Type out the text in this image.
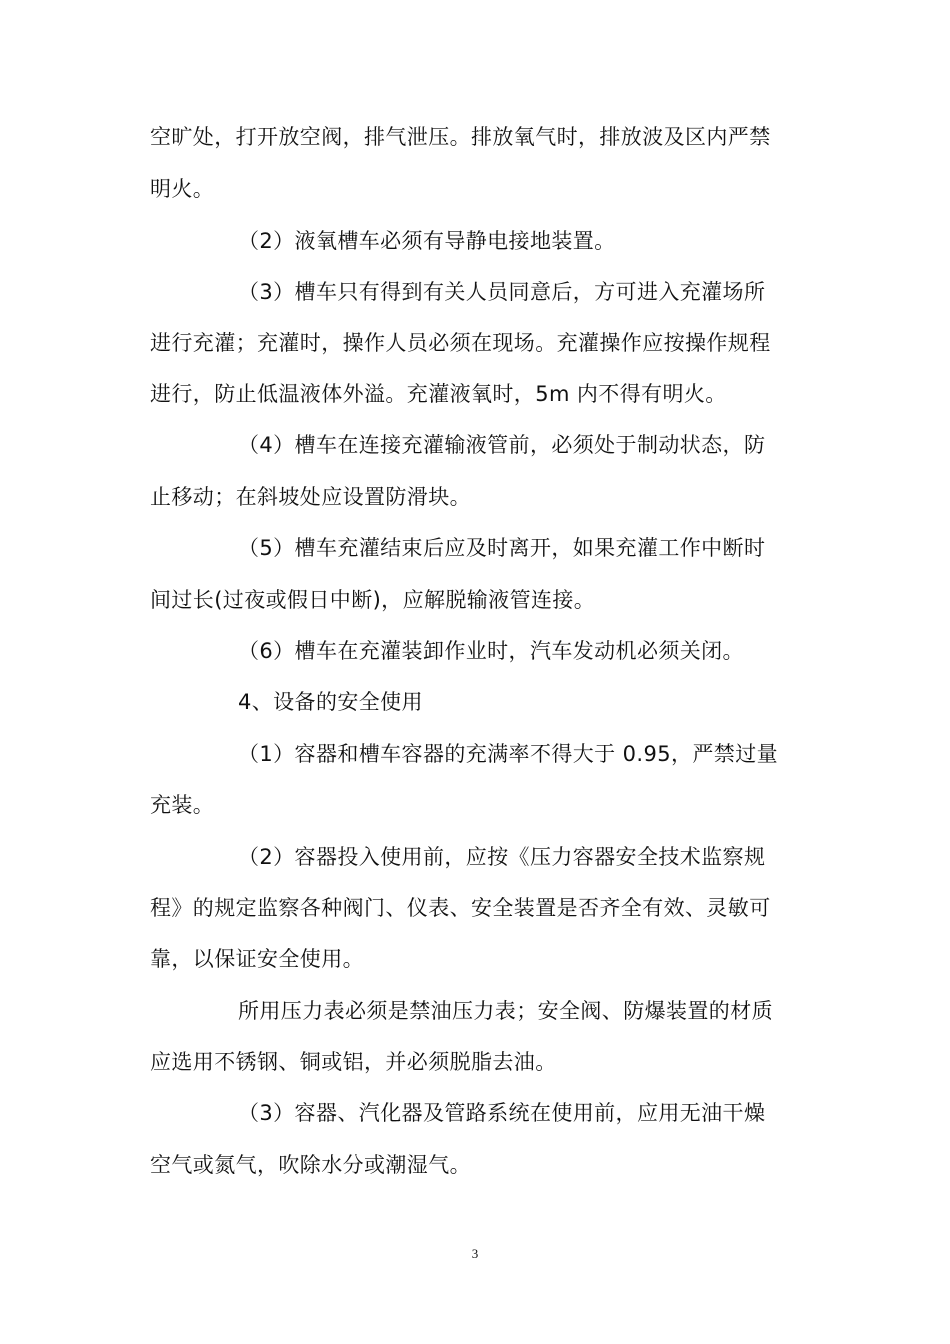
空旷处，打开放空阀，排气泄压。排放氧气时，排放波及区内严禁
明火。
（2）液氧槽车必须有导静电接地装置。
（3）槽车只有得到有关人员同意后，方可进入充灌场所
进行充灌；充灌时，操作人员必须在现场。充灌操作应按操作规程
进行，防止低温液体外溢。充灌液氧时，5m 内不得有明火。
（4）槽车在连接充灌输液管前，必须处于制动状态，防
止移动；在斜坡处应设置防滑块。
（5）槽车充灌结束后应及时离开，如果充灌工作中断时
间过长(过夜或假日中断)，应解脱输液管连接。
（6）槽车在充灌装卸作业时，汽车发动机必须关闭。
4、设备的安全使用
（1）容器和槽车容器的充满率不得大于 0.95，严禁过量
充装。
（2）容器投入使用前，应按《压力容器安全技术监察规
程》的规定监察各种阀门、仪表、安全装置是否齐全有效、灵敏可
靠，以保证安全使用。
所用压力表必须是禁油压力表；安全阀、防爆装置的材质
应选用不锈钢、铜或铝，并必须脱脂去油。
（3）容器、汽化器及管路系统在使用前，应用无油干燥
空气或氮气，吹除水分或潮湿气。
3
